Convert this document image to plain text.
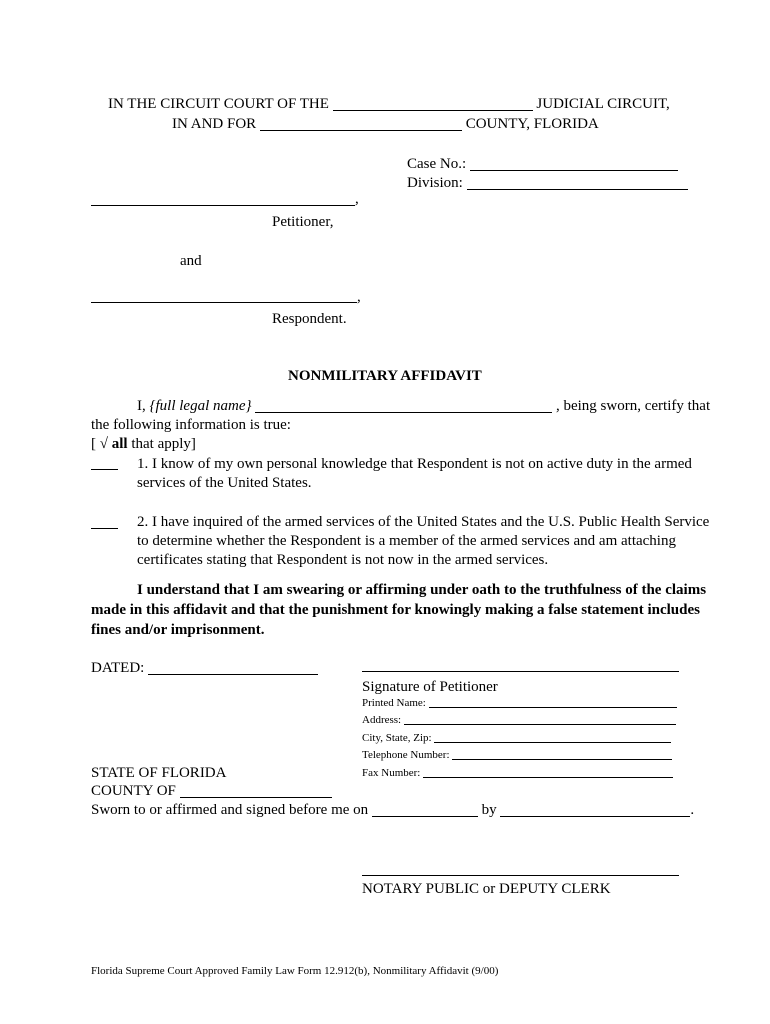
IN THE CIRCUIT COURT OF THE	JUDICIAL CIRCUIT,
IN AND FOR	COUNTY, FLORIDA
Case No.:
Division:
,
Petitioner,
and
,
Respondent.
NONMILITARY AFFIDAVIT
I, {full legal name}	, being sworn, certify that
the following information is true:
[ √ all that apply]
1. I know of my own personal knowledge that Respondent is not on active duty in the armed
services of the United States.
2. I have inquired of the armed services of the United States and the U.S. Public Health Service
to determine whether the Respondent is a member of the armed services and am attaching
certificates stating that Respondent is not now in the armed services.
I understand that I am swearing or affirming under oath to the truthfulness of the claims
made in this affidavit and that the punishment for knowingly making a false statement includes
fines and/or imprisonment.
DATED:
Signature of Petitioner
Printed Name:
Address:
City, State, Zip:
Telephone Number:
Fax Number:
STATE OF FLORIDA
COUNTY OF
Sworn to or affirmed and signed before me on	by	.
NOTARY PUBLIC or DEPUTY CLERK
Florida Supreme Court Approved Family Law Form 12.912(b), Nonmilitary Affidavit (9/00)
